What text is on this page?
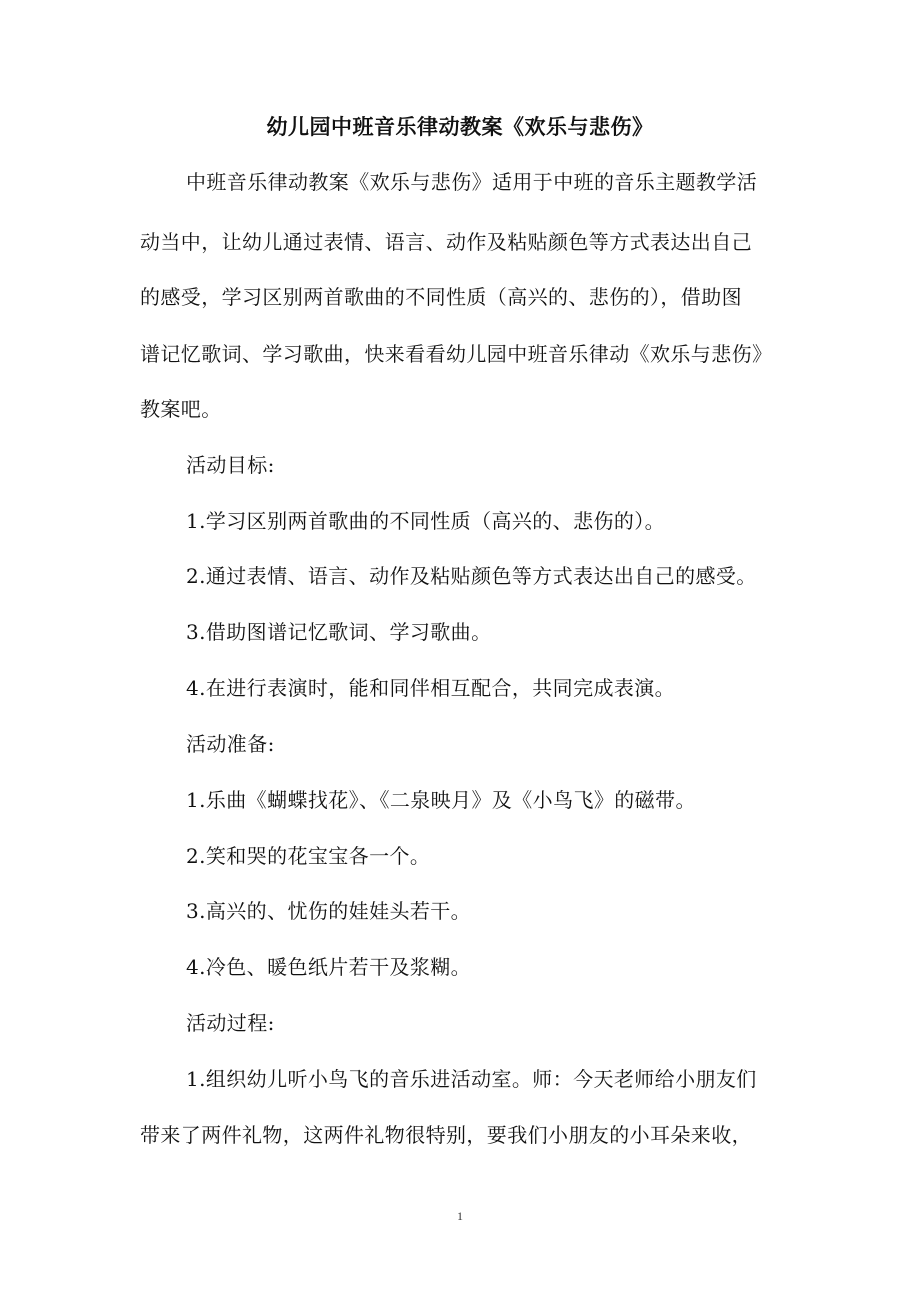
幼儿园中班音乐律动教案《欢乐与悲伤》
中班音乐律动教案《欢乐与悲伤》适用于中班的音乐主题教学活
动当中，让幼儿通过表情、语言、动作及粘贴颜色等方式表达出自己
的感受，学习区别两首歌曲的不同性质（高兴的、悲伤的），借助图
谱记忆歌词、学习歌曲，快来看看幼儿园中班音乐律动《欢乐与悲伤》
教案吧。
活动目标:
1.学习区别两首歌曲的不同性质（高兴的、悲伤的）。
2.通过表情、语言、动作及粘贴颜色等方式表达出自己的感受。
3.借助图谱记忆歌词、学习歌曲。
4.在进行表演时，能和同伴相互配合，共同完成表演。
活动准备:
1.乐曲《蝴蝶找花》、《二泉映月》及《小鸟飞》的磁带。
2.笑和哭的花宝宝各一个。
3.高兴的、忧伤的娃娃头若干。
4.冷色、暖色纸片若干及浆糊。
活动过程:
1.组织幼儿听小鸟飞的音乐进活动室。师：今天老师给小朋友们
带来了两件礼物，这两件礼物很特别，要我们小朋友的小耳朵来收，
1
